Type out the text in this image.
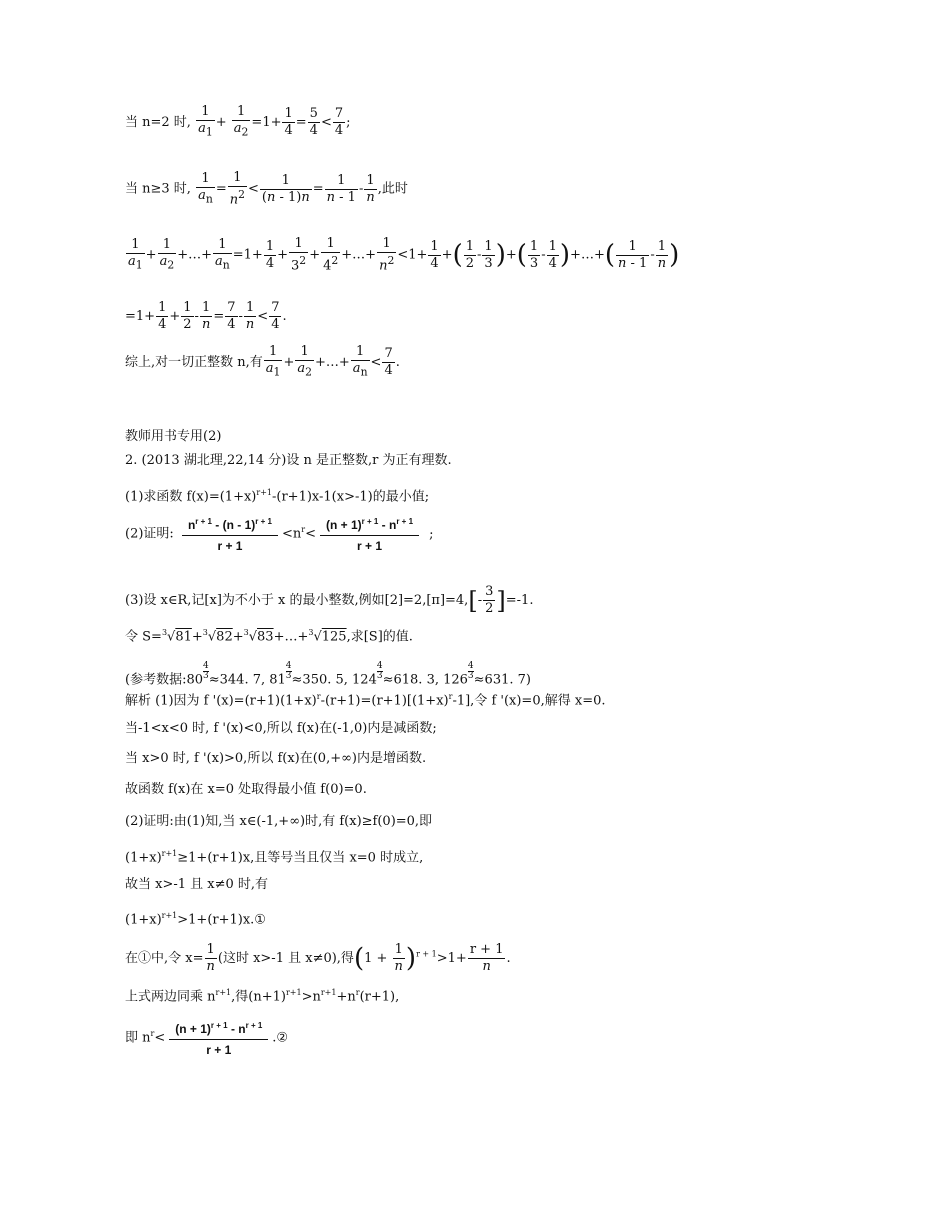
当 n=2 时, $\frac{1}{a_1} + \frac{1}{a_2} =1+ \frac{1}{4} = \frac{5}{4} < \frac{7}{4}$ ;
当 n≥3 时, $\frac{1}{a_n} = \frac{1}{n^2} < \frac{1}{(n - 1)n} = \frac{1}{n - 1} - \frac{1}{n}$ ,此时
$\frac{1}{a_1} + \frac{1}{a_2}$ +…+ $\frac{1}{a_n} =1+ \frac{1}{4} + \frac{1}{3^2} + \frac{1}{4^2}$ +…+ $\frac{1}{n^2} <1+ \frac{1}{4}$ +( $\frac{1}{2} - \frac{1}{3}$ )+( $\frac{1}{3} - \frac{1}{4}$ )+…+( $\frac{1}{n - 1} - \frac{1}{n}$ )
$=1+ \frac{1}{4} + \frac{1}{2} - \frac{1}{n} = \frac{7}{4} - \frac{1}{n} < \frac{7}{4}$ .
综上,对一切正整数 n,有 $\frac{1}{a_1} + \frac{1}{a_2}$ +…+ $\frac{1}{a_n} < \frac{7}{4}$ .
教师用书专用(2)
2. (2013 湖北理,22,14 分)设 n 是正整数,r 为正有理数.
(1)求函数 $f(x)=(1+x)^{r+1}-(r+1)x-1(x>-1)$的最小值;
(2)证明: $\frac{n^{r + 1} - (n - 1)^{r + 1}}{r + 1} <n^r< \frac{(n + 1)^{r + 1} - n^{r + 1}}{r + 1}$ ;
(3)设 x∈R,记[x]为不小于 x 的最小整数,例如$[2]=2,[\pi]=4,[- \frac{3}{2} ]=-1$.
令 S=$^3$√81+$^3$√82+$^3$√83+…+$^3$√125,求[S]的值.
(参考数据:80 $\frac{4}{3} \approx 344$. 7, $81 \frac{4}{3} \approx 350$. 5, $124 \frac{4}{3} \approx 618$. 3, $126 \frac{4}{3} \approx 631$. 7)
解析 (1)因为 f '$(x)=(r+1)(1+x)^r-(r+1)=(r+1)[(1+x)^r-1]$,令 f '(x)=0,解得 x=0.
当-1<x<0 时, f '(x)<0,所以 f(x)在(-1,0)内是减函数;
当 x>0 时, f '(x)>0,所以 f(x)在(0,+∞)内是增函数.
故函数 f(x)在 x=0 处取得最小值 f(0)=0.
(2)证明:由(1)知,当 x∈(-1,+∞)时,有 f(x)≥f(0)=0,即
$(1+x)^{r+1}\ge 1+(r+1)x$,且等号当且仅当 x=0 时成立,
故当 x>-1 且 x≠0 时,有
$(1+x)^{r+1}>1+(r+1)x.①$
在①中,令 $x= \frac{1}{n}$ (这时 x>-1 且 x≠0),得$(1 + \frac{1}{n} )^{r + 1}>1+ \frac{r + 1}{n}$ .
上式两边同乘 $n^{r+1}$,得$(n+1)^{r+1}>n^{r+1}+n^r(r+1)$,
即 $n^r< \frac{(n + 1)^{r + 1} - n^{r + 1}}{r + 1}$ .②
